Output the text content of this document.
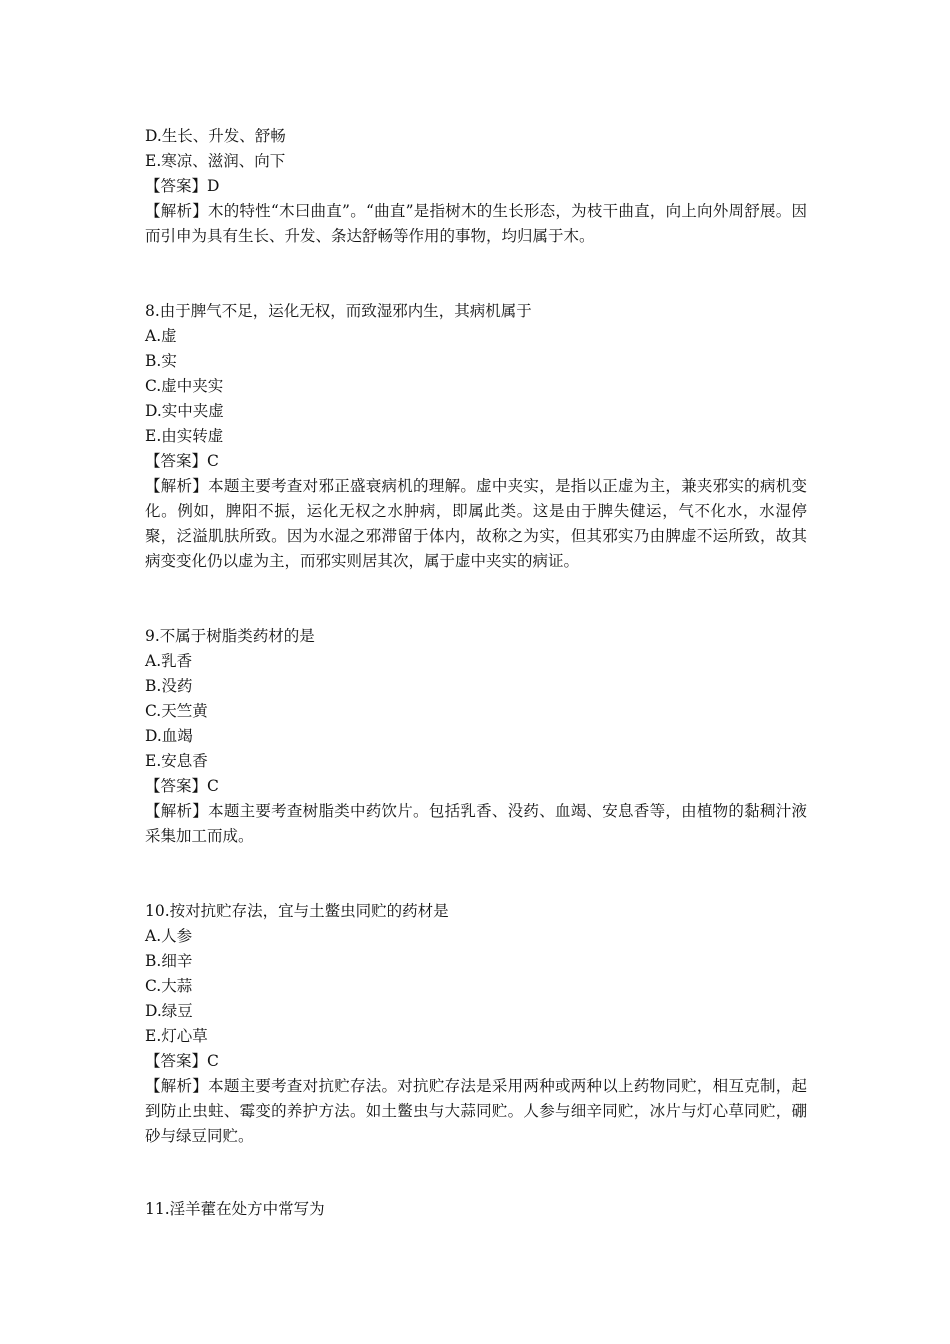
D.生长、升发、舒畅
E.寒凉、滋润、向下
【答案】D
【解析】木的特性“木曰曲直”。“曲直”是指树木的生长形态，为枝干曲直，向上向外周舒展。因而引申为具有生长、升发、条达舒畅等作用的事物，均归属于木。
8.由于脾气不足，运化无权，而致湿邪内生，其病机属于
A.虚
B.实
C.虚中夹实
D.实中夹虚
E.由实转虚
【答案】C
【解析】本题主要考查对邪正盛衰病机的理解。虚中夹实，是指以正虚为主，兼夹邪实的病机变化。例如，脾阳不振，运化无权之水肿病，即属此类。这是由于脾失健运，气不化水，水湿停聚，泛溢肌肤所致。因为水湿之邪滞留于体内，故称之为实，但其邪实乃由脾虚不运所致，故其病变变化仍以虚为主，而邪实则居其次，属于虚中夹实的病证。
9.不属于树脂类药材的是
A.乳香
B.没药
C.天竺黄
D.血竭
E.安息香
【答案】C
【解析】本题主要考查树脂类中药饮片。包括乳香、没药、血竭、安息香等，由植物的黏稠汁液采集加工而成。
10.按对抗贮存法，宜与土鳖虫同贮的药材是
A.人参
B.细辛
C.大蒜
D.绿豆
E.灯心草
【答案】C
【解析】本题主要考查对抗贮存法。对抗贮存法是采用两种或两种以上药物同贮，相互克制，起到防止虫蛀、霉变的养护方法。如土鳖虫与大蒜同贮。人参与细辛同贮，冰片与灯心草同贮，硼砂与绿豆同贮。
11.淫羊藿在处方中常写为
